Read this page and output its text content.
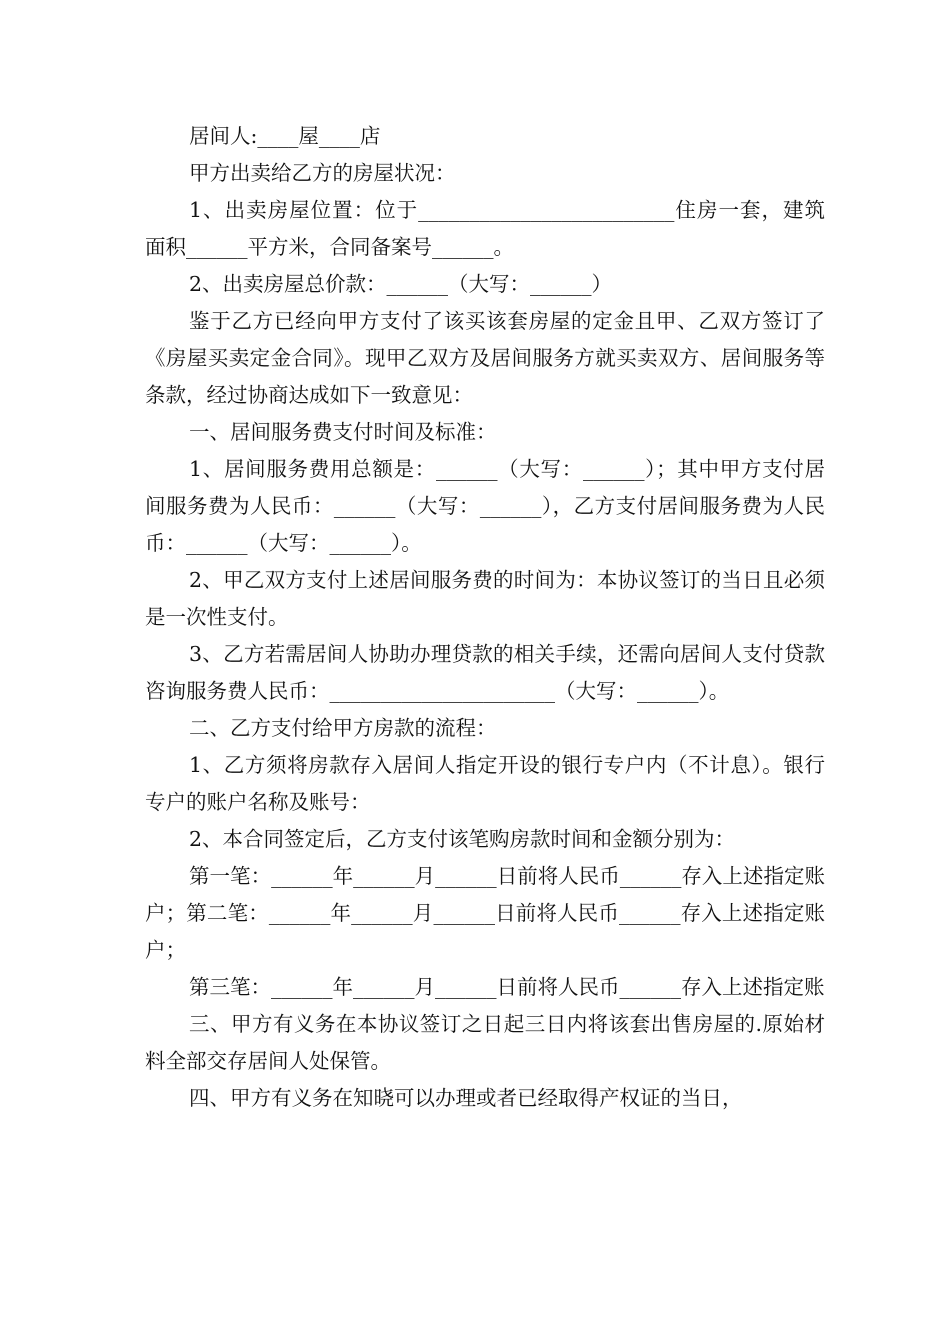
居间人:____屋____店

甲方出卖给乙方的房屋状况：

1、出卖房屋位置：位于_________________________住房一套，建筑面积______平方米，合同备案号______。

2、出卖房屋总价款：______（大写：______）

鉴于乙方已经向甲方支付了该买该套房屋的定金且甲、乙双方签订了《房屋买卖定金合同》。现甲乙双方及居间服务方就买卖双方、居间服务等条款，经过协商达成如下一致意见：

一、居间服务费支付时间及标准：

1、居间服务费用总额是：______（大写：______）；其中甲方支付居间服务费为人民币：______（大写：______），乙方支付居间服务费为人民币：______（大写：______）。

2、甲乙双方支付上述居间服务费的时间为：本协议签订的当日且必须是一次性支付。

3、乙方若需居间人协助办理贷款的相关手续，还需向居间人支付贷款咨询服务费人民币：______________________（大写：______）。

二、乙方支付给甲方房款的流程：

1、乙方须将房款存入居间人指定开设的银行专户内（不计息）。银行专户的账户名称及账号：

2、本合同签定后，乙方支付该笔购房款时间和金额分别为：

第一笔：______年______月______日前将人民币______存入上述指定账户；第二笔：______年______月______日前将人民币______存入上述指定账户；

第三笔：______年______月______日前将人民币______存入上述指定账

三、甲方有义务在本协议签订之日起三日内将该套出售房屋的.原始材料全部交存居间人处保管。

四、甲方有义务在知晓可以办理或者已经取得产权证的当日，
